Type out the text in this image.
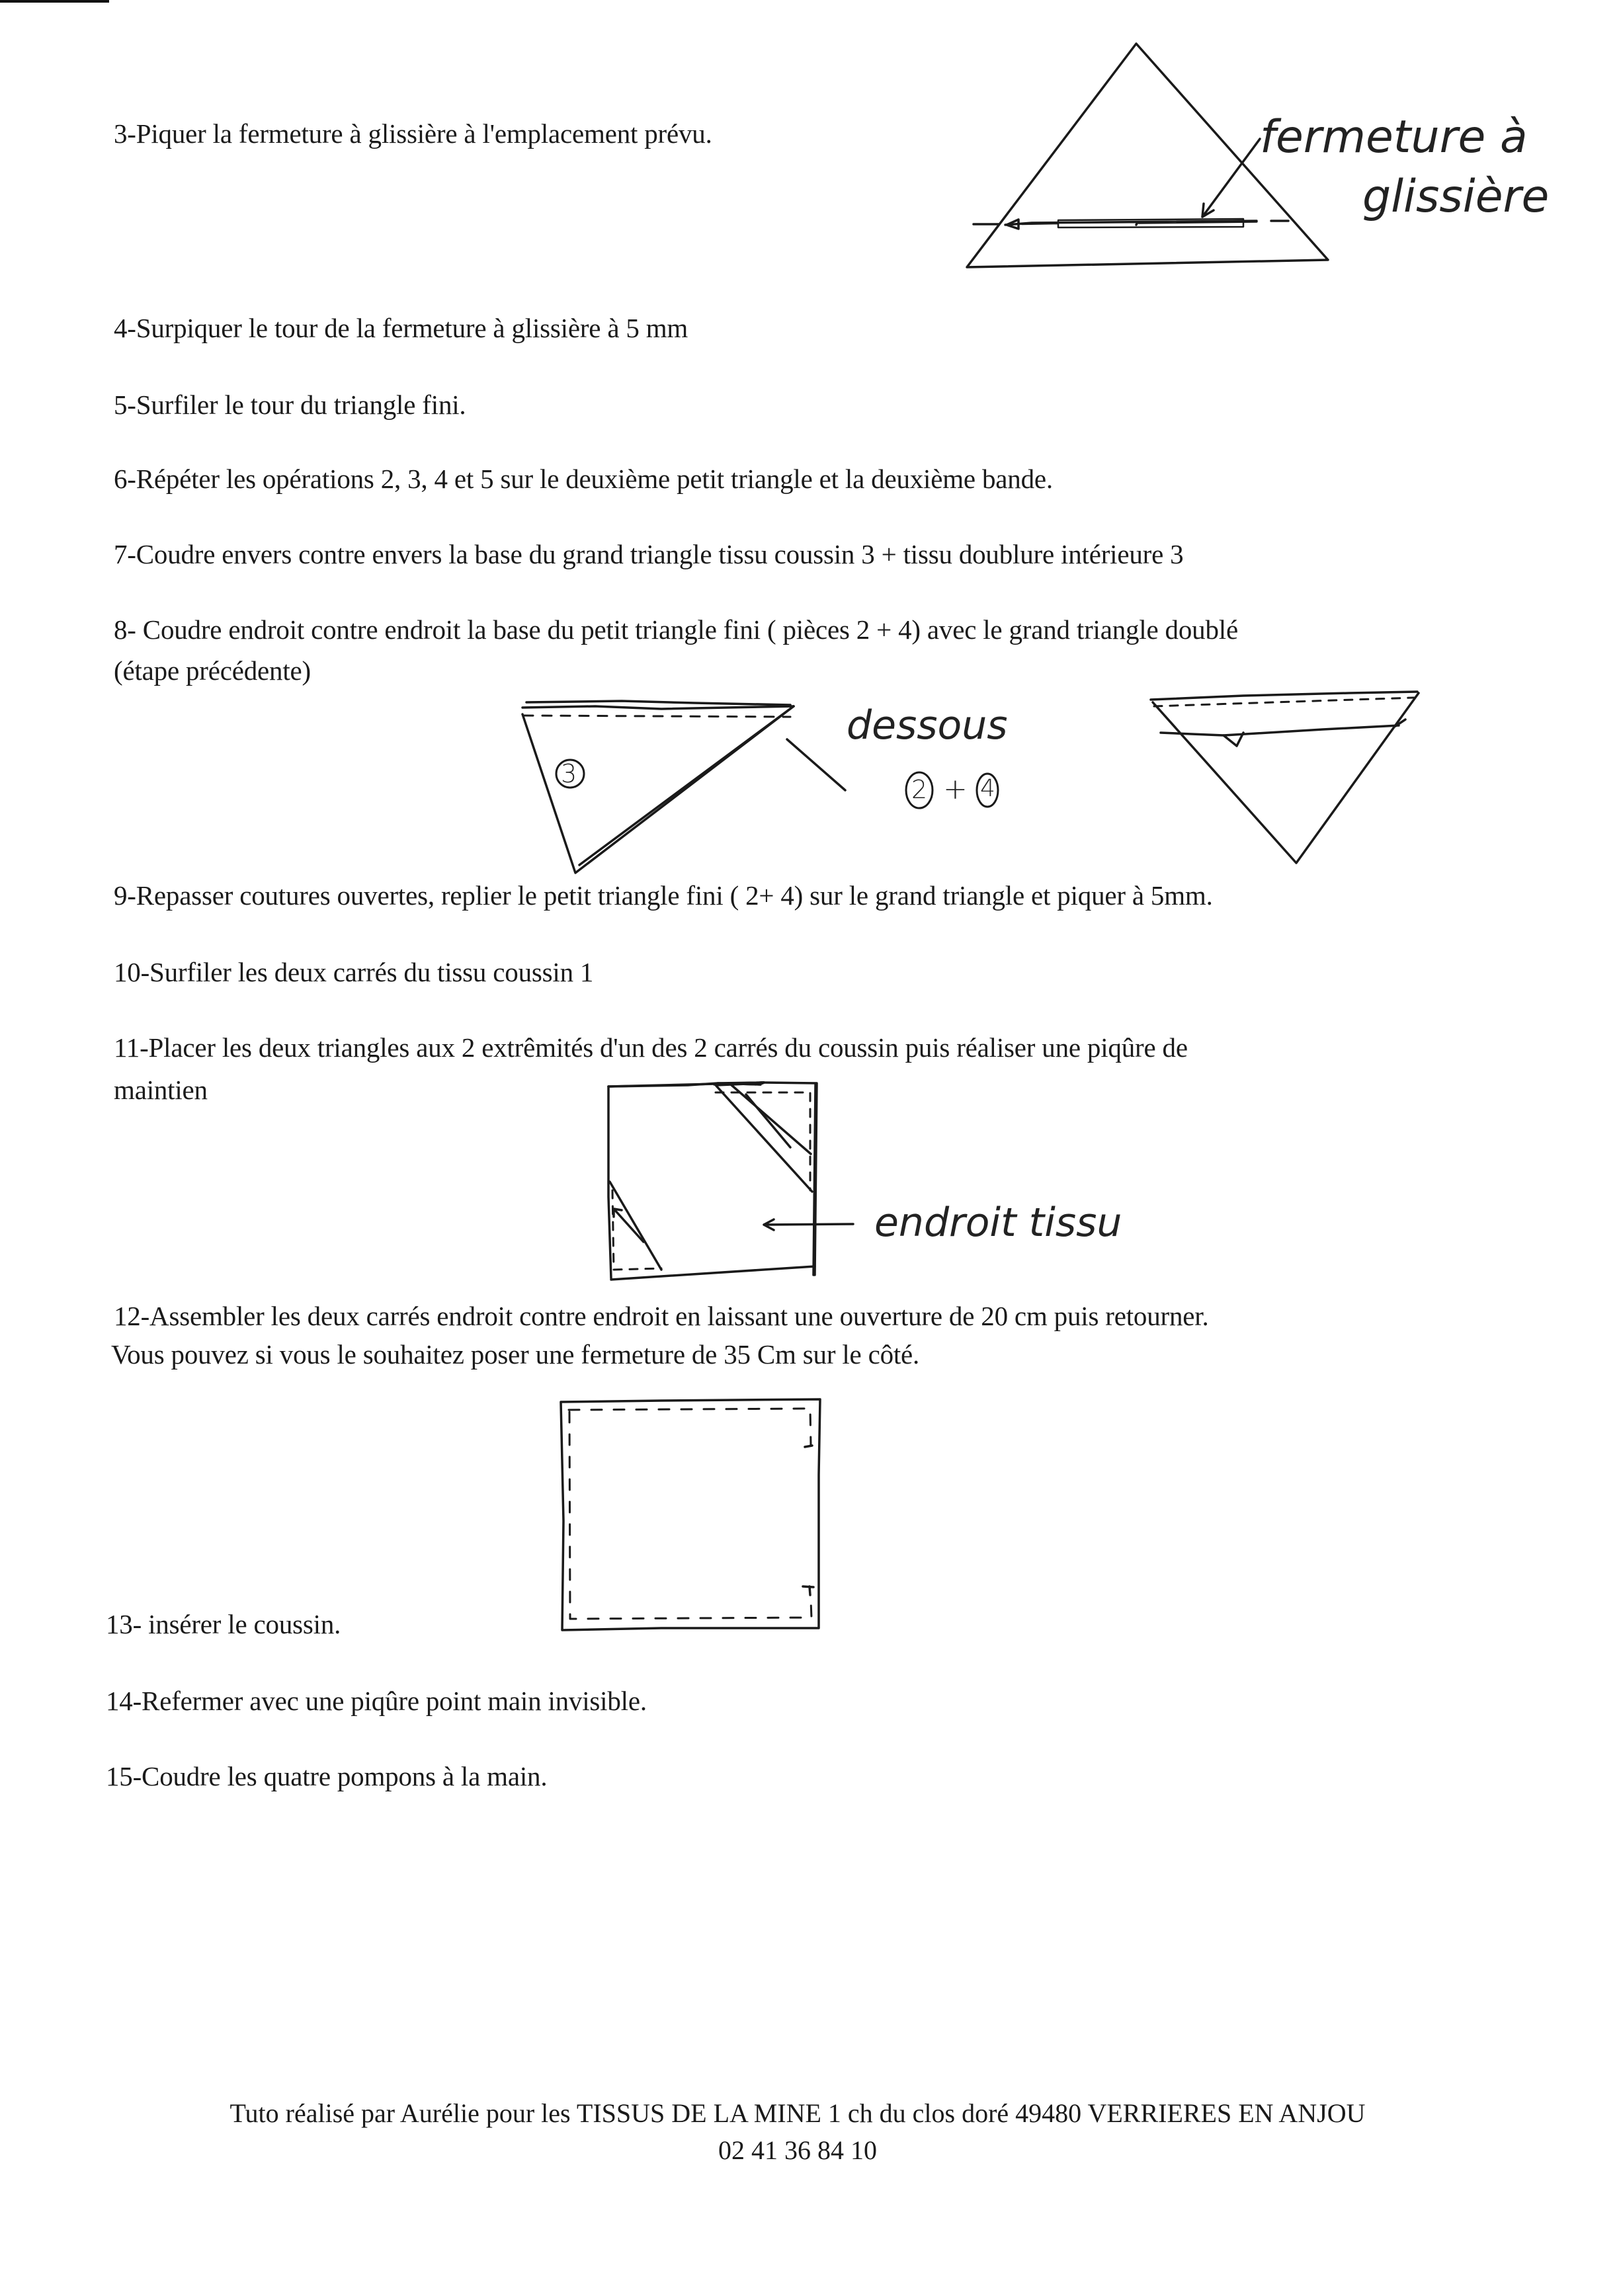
3-Piquer la fermeture à glissière à l'emplacement prévu.	fermeture à
glissière
4-Surpiquer le tour de la fermeture à glissière à 5 mm
5-Surfiler le tour du triangle fini.
6-Répéter les opérations 2, 3, 4 et 5 sur le deuxième petit triangle et la deuxième bande.
7-Coudre envers contre envers la base du grand triangle tissu coussin 3 + tissu doublure intérieure 3
8- Coudre endroit contre endroit la base du petit triangle fini ( pièces 2 + 4) avec le grand triangle doublé
(étape précédente)
dessous
3
2 + 4
9-Repasser coutures ouvertes, replier le petit triangle fini ( 2+ 4) sur le grand triangle et piquer à 5mm.
10-Surfiler les deux carrés du tissu coussin 1
11-Placer les deux triangles aux 2 extrêmités d'un des 2 carrés du coussin puis réaliser une piqûre de
maintien
endroit tissu
12-Assembler les deux carrés endroit contre endroit en laissant une ouverture de 20 cm puis retourner.
Vous pouvez si vous le souhaitez poser une fermeture de 35 Cm sur le côté.
13- insérer le coussin.
14-Refermer avec une piqûre point main invisible.
15-Coudre les quatre pompons à la main.
Tuto réalisé par Aurélie pour les TISSUS DE LA MINE 1 ch du clos doré 49480 VERRIERES EN ANJOU
02 41 36 84 10
